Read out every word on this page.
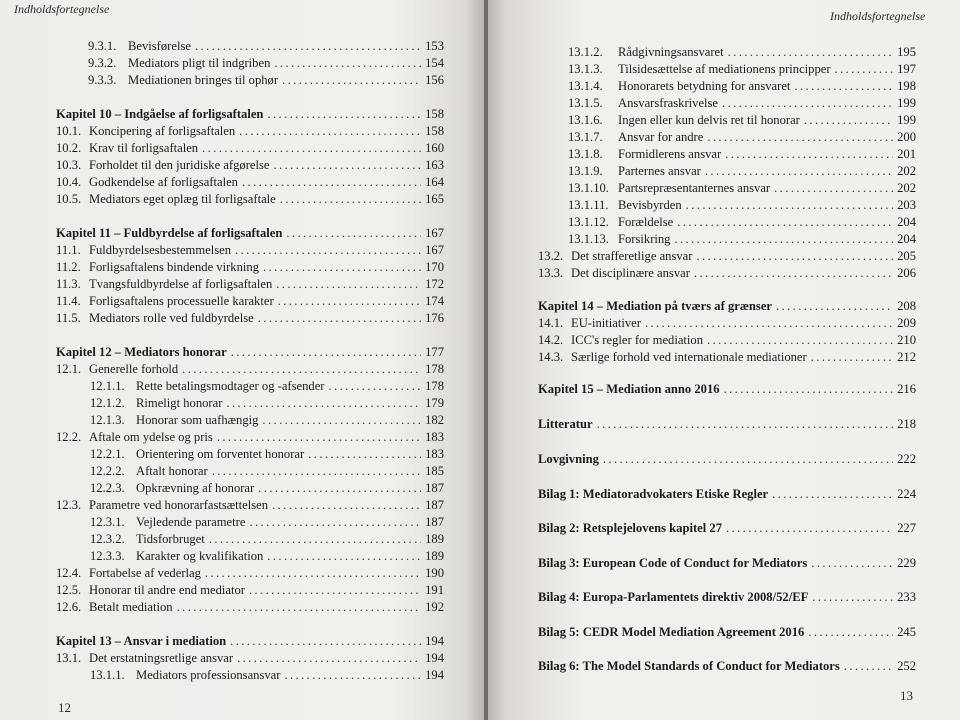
Indholdsfortegnelse
9.3.1. Bevisførelse .....	153
9.3.2. Mediators pligt til indgriben .....	154
9.3.3. Mediationen bringes til ophør .....	156
Kapitel 10 – Indgåelse af forligsaftalen .....	158
10.1. Koncipering af forligsaftalen .....	158
10.2. Krav til forligsaftalen .....	160
10.3. Forholdet til den juridiske afgørelse .....	163
10.4. Godkendelse af forligsaftalen .....	164
10.5. Mediators eget oplæg til forligsaftale .....	165
Kapitel 11 – Fuldbyrdelse af forligsaftalen .....	167
11.1. Fuldbyrdelsesbestemmelsen .....	167
11.2. Forligsaftalens bindende virkning .....	170
11.3. Tvangsfuldbyrdelse af forligsaftalen .....	172
11.4. Forligsaftalens processuelle karakter .....	174
11.5. Mediators rolle ved fuldbyrdelse .....	176
Kapitel 12 – Mediators honorar .....	177
12.1. Generelle forhold .....	178
12.1.1. Rette betalingsmodtager og -afsender .....	178
12.1.2. Rimeligt honorar .....	179
12.1.3. Honorar som uafhængig .....	182
12.2. Aftale om ydelse og pris .....	183
12.2.1. Orientering om forventet honorar .....	183
12.2.2. Aftalt honorar .....	185
12.2.3. Opkrævning af honorar .....	187
12.3. Parametre ved honorarfastsættelsen .....	187
12.3.1. Vejledende parametre .....	187
12.3.2. Tidsforbruget .....	189
12.3.3. Karakter og kvalifikation .....	189
12.4. Fortabelse af vederlag .....	190
12.5. Honorar til andre end mediator .....	191
12.6. Betalt mediation .....	192
Kapitel 13 – Ansvar i mediation .....	194
13.1. Det erstatningsretlige ansvar .....	194
13.1.1. Mediators professionsansvar .....	194
12
Indholdsfortegnelse
13.1.2.	Rådgivningsansvaret .....	195
13.1.3.	Tilsidesættelse af mediationens principper .....	197
13.1.4.	Honorarets betydning for ansvaret .....	198
13.1.5.	Ansvarsfraskrivelse .....	199
13.1.6.	Ingen eller kun delvis ret til honorar .....	199
13.1.7.	Ansvar for andre .....	200
13.1.8.	Formidlerens ansvar .....	201
13.1.9.	Parternes ansvar .....	202
13.1.10. Partsrepræsentanternes ansvar .....	202
13.1.11. Bevisbyrden .....	203
13.1.12. Forældelse .....	204
13.1.13. Forsikring .....	204
13.2. Det strafferetlige ansvar .....	205
13.3. Det disciplinære ansvar .....	206
Kapitel 14 – Mediation på tværs af grænser .....	208
14.1. EU-initiativer .....	209
14.2. ICC's regler for mediation .....	210
14.3. Særlige forhold ved internationale mediationer .....	212
Kapitel 15 – Mediation anno 2016 .....	216
Litteratur .....	218
Lovgivning .....	222
Bilag 1: Mediatoradvokaters Etiske Regler .....	224
Bilag 2: Retsplejelovens kapitel 27 .....	227
Bilag 3: European Code of Conduct for Mediators .....	229
Bilag 4: Europa-Parlamentets direktiv 2008/52/EF .....	233
Bilag 5: CEDR Model Mediation Agreement 2016 .....	245
Bilag 6: The Model Standards of Conduct for Mediators .....	252
13
